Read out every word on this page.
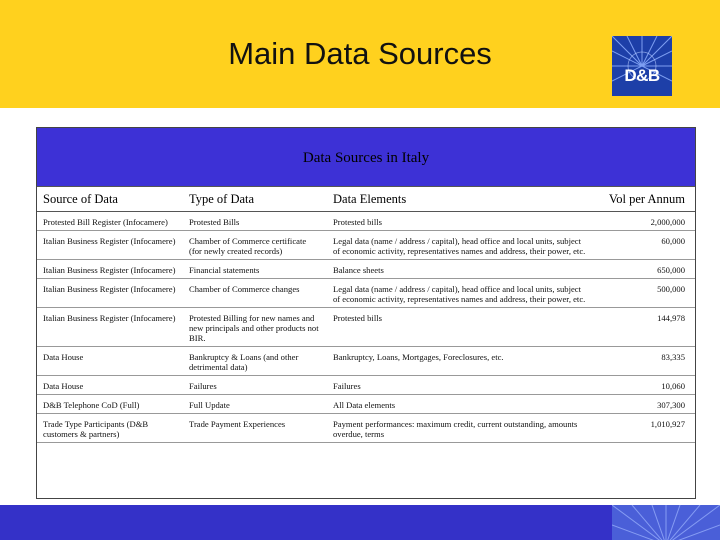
Main Data Sources
D&B
Data Sources in Italy
Source of Data	Type of Data	Data Elements	Vol per Annum
Protested Bill Register (Infocamere)	Protested Bills	Protested bills	2,000,000
Italian Business Register (Infocamere)	Chamber of Commerce certificate (for newly created records)	Legal data (name / address / capital), head office and local units, subject of economic activity, representatives names and address, their power, etc.	60,000
Italian Business Register (Infocamere)	Financial statements	Balance sheets	650,000
Italian Business Register (Infocamere)	Chamber of Commerce changes	Legal data (name / address / capital), head office and local units, subject of economic activity, representatives names and address, their power, etc.	500,000
Italian Business Register (Infocamere)	Protested Billing for new names and new principals and other products not BIR.	Protested bills	144,978
Data House	Bankruptcy & Loans (and other detrimental data)	Bankruptcy, Loans, Mortgages, Foreclosures, etc.	83,335
Data House	Failures	Failures	10,060
D&B Telephone CoD (Full)	Full Update	All Data elements	307,300
Trade Type Participants (D&B customers & partners)	Trade Payment Experiences	Payment performances: maximum credit, current outstanding, amounts overdue, terms	1,010,927
